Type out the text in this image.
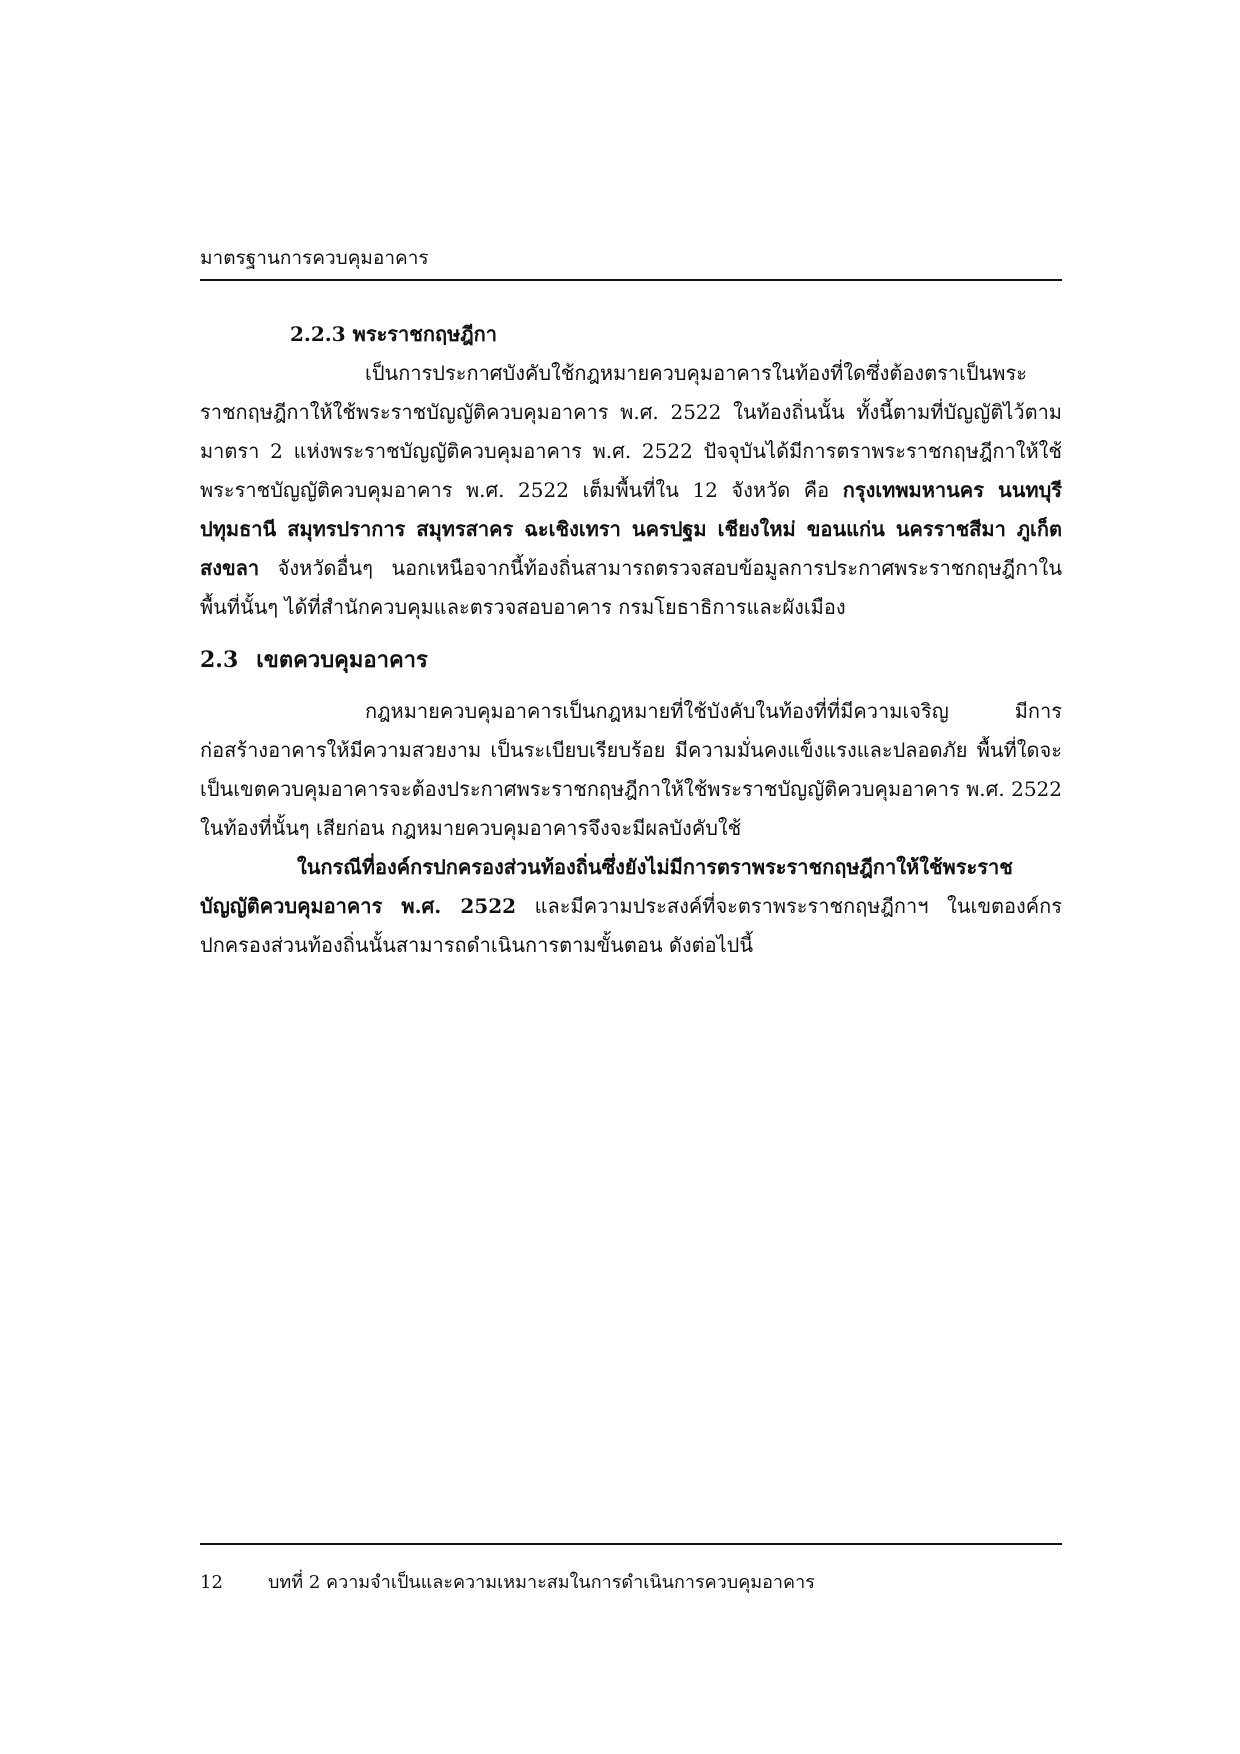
มาตรฐานการควบคุมอาคาร
2.2.3 พระราชกฤษฎีกา

เป็นการประกาศบังคับใช้กฎหมายควบคุมอาคารในท้องที่ใดซึ่งต้องตราเป็นพระราชกฤษฎีกาให้ใช้พระราชบัญญัติควบคุมอาคาร พ.ศ. 2522 ในท้องถิ่นนั้น ทั้งนี้ตามที่บัญญัติไว้ตามมาตรา 2 แห่งพระราชบัญญัติควบคุมอาคาร พ.ศ. 2522 ปัจจุบันได้มีการตราพระราชกฤษฎีกาให้ใช้พระราชบัญญัติควบคุมอาคาร พ.ศ. 2522 เต็มพื้นที่ใน 12 จังหวัด คือ กรุงเทพมหานคร นนทบุรี ปทุมธานี สมุทรปราการ สมุทรสาคร ฉะเชิงเทรา นครปฐม เชียงใหม่ ขอนแก่น นครราชสีมา ภูเก็ต สงขลา จังหวัดอื่นๆ นอกเหนือจากนี้ท้องถิ่นสามารถตรวจสอบข้อมูลการประกาศพระราชกฤษฎีกาในพื้นที่นั้นๆ ได้ที่สำนักควบคุมและตรวจสอบอาคาร กรมโยธาธิการและผังเมือง

2.3 เขตควบคุมอาคาร

กฎหมายควบคุมอาคารเป็นกฎหมายที่ใช้บังคับในท้องที่ที่มีความเจริญ มีการก่อสร้างอาคารให้มีความสวยงาม เป็นระเบียบเรียบร้อย มีความมั่นคงแข็งแรงและปลอดภัย พื้นที่ใดจะเป็นเขตควบคุมอาคารจะต้องประกาศพระราชกฤษฎีกาให้ใช้พระราชบัญญัติควบคุมอาคาร พ.ศ. 2522 ในท้องที่นั้นๆ เสียก่อน กฎหมายควบคุมอาคารจึงจะมีผลบังคับใช้

ในกรณีที่องค์กรปกครองส่วนท้องถิ่นซึ่งยังไม่มีการตราพระราชกฤษฎีกาให้ใช้พระราชบัญญัติควบคุมอาคาร พ.ศ. 2522 และมีความประสงค์ที่จะตราพระราชกฤษฎีกาฯ ในเขตองค์กรปกครองส่วนท้องถิ่นนั้นสามารถดำเนินการตามขั้นตอน ดังต่อไปนี้

12	บทที่ 2 ความจำเป็นและความเหมาะสมในการดำเนินการควบคุมอาคาร
